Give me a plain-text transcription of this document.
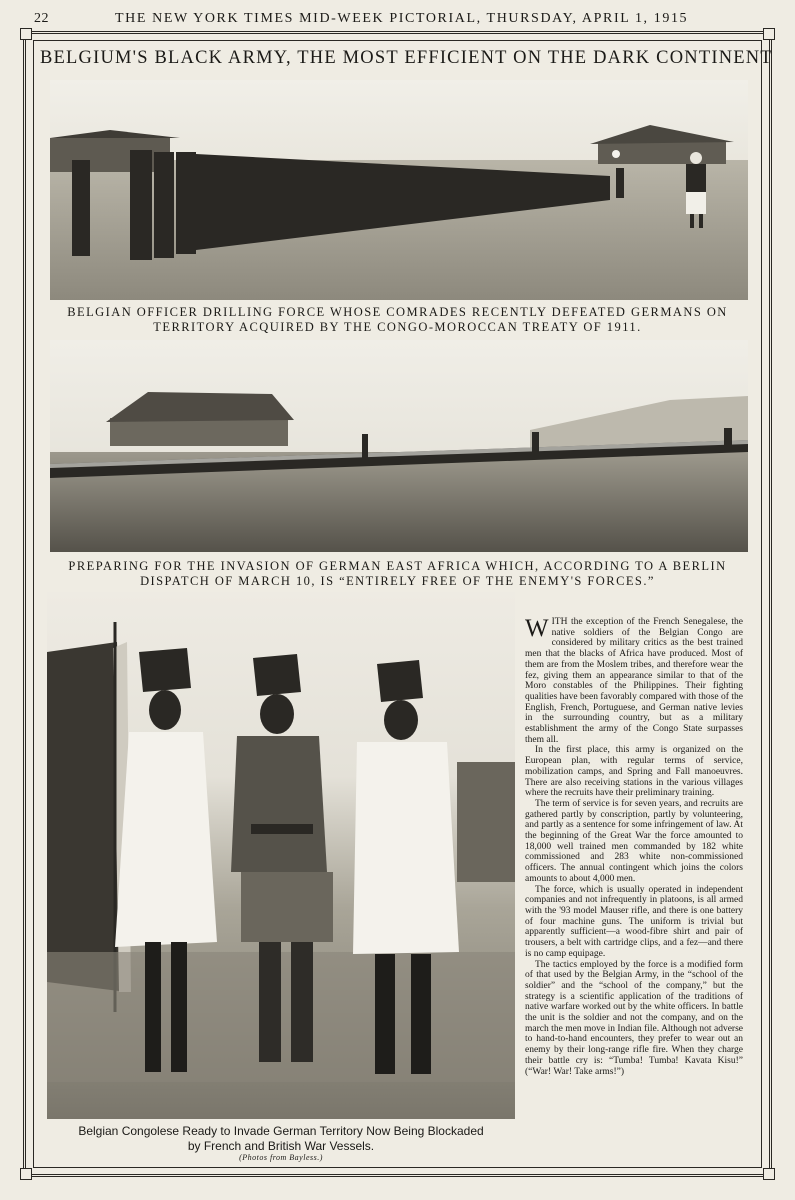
22	THE NEW YORK TIMES MID-WEEK PICTORIAL, THURSDAY, APRIL 1, 1915
BELGIUM'S BLACK ARMY, THE MOST EFFICIENT ON THE DARK CONTINENT
BELGIAN OFFICER DRILLING FORCE WHOSE COMRADES RECENTLY DEFEATED GERMANS ON
TERRITORY ACQUIRED BY THE CONGO-MOROCCAN TREATY OF 1911.
PREPARING FOR THE INVASION OF GERMAN EAST AFRICA WHICH, ACCORDING TO A BERLIN
DISPATCH OF MARCH 10, IS “ENTIRELY FREE OF THE ENEMY'S FORCES.”
Belgian Congolese Ready to Invade German Territory Now Being Blockaded
by French and British War Vessels.
(Photos from Bayless.)

WITH the exception of the French Senegalese, the native soldiers of the Belgian Congo are considered by military critics as the best trained men that the blacks of Africa have produced. Most of them are from the Moslem tribes, and therefore wear the fez, giving them an appearance similar to that of the Moro constables of the Philippines. Their fighting qualities have been favorably compared with those of the English, French, Portuguese, and German native levies in the surrounding country, but as a military establishment the army of the Congo State surpasses them all.

In the first place, this army is organized on the European plan, with regular terms of service, mobilization camps, and Spring and Fall manoeuvres. There are also receiving stations in the various villages where the recruits have their preliminary training.

The term of service is for seven years, and recruits are gathered partly by conscription, partly by volunteering, and partly as a sentence for some infringement of law. At the beginning of the Great War the force amounted to 18,000 well trained men commanded by 182 white commissioned and 283 white non-commissioned officers. The annual contingent which joins the colors amounts to about 4,000 men.

The force, which is usually operated in independent companies and not infrequently in platoons, is all armed with the '93 model Mauser rifle, and there is one battery of four machine guns. The uniform is trivial but apparently sufficient—a wood-fibre shirt and pair of trousers, a belt with cartridge clips, and a fez—and there is no camp equipage.

The tactics employed by the force is a modified form of that used by the Belgian Army, in the “school of the soldier” and the “school of the company,” but the strategy is a scientific application of the traditions of native warfare worked out by the white officers. In battle the unit is the soldier and not the company, and on the march the men move in Indian file. Although not adverse to hand-to-hand encounters, they prefer to wear out an enemy by their long-range rifle fire. When they charge their battle cry is: “Tumba! Tumba! Kavata Kisu!” (“War! War! Take arms!”)
